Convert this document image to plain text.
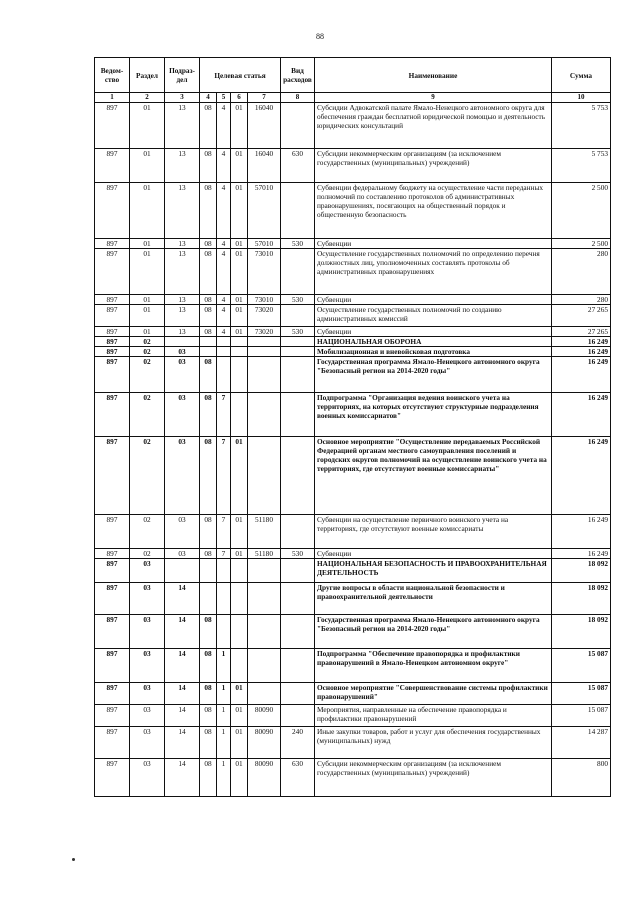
88
Ведом-ство	Раздел	Подраз-дел	Целевая статья				Вид расходов	Наименование	Сумма
1	2	3	4	5	6	7	8	9	10
897	01	13	08	4	01	16040		Субсидии Адвокатской палате Ямало-Ненецкого автономного округа для обеспечения граждан бесплатной юридической помощью и деятельность юридических консультаций	5 753
897	01	13	08	4	01	16040	630	Субсидии некоммерческим организациям (за исключением государственных (муниципальных) учреждений)	5 753
897	01	13	08	4	01	57010		Субвенции федеральному бюджету на осуществление части переданных полномочий по составлению протоколов об административных правонарушениях, посягающих на общественный порядок и общественную безопасность	2 500
897	01	13	08	4	01	57010	530	Субвенции	2 500
897	01	13	08	4	01	73010		Осуществление государственных полномочий по определению перечня должностных лиц, уполномоченных составлять протоколы об административных правонарушениях	280
897	01	13	08	4	01	73010	530	Субвенции	280
897	01	13	08	4	01	73020		Осуществление государственных полномочий по созданию административных комиссий	27 265
897	01	13	08	4	01	73020	530	Субвенции	27 265
897	02							НАЦИОНАЛЬНАЯ ОБОРОНА	16 249
897	02	03						Мобилизационная и вневойсковая подготовка	16 249
897	02	03	08					Государственная программа Ямало-Ненецкого автономного округа "Безопасный регион на 2014-2020 годы"	16 249
897	02	03	08	7				Подпрограмма "Организация ведения воинского учета на территориях, на которых отсутствуют структурные подразделения военных комиссариатов"	16 249
897	02	03	08	7	01			Основное мероприятие "Осуществление передаваемых Российской Федерацией органам местного самоуправления поселений и городских округов полномочий на осуществление воинского учета на территориях, где отсутствуют военные комиссариаты"	16 249
897	02	03	08	7	01	51180		Субвенции на осуществление первичного воинского учета на территориях, где отсутствуют военные комиссариаты	16 249
897	02	03	08	7	01	51180	530	Субвенции	16 249
897	03							НАЦИОНАЛЬНАЯ БЕЗОПАСНОСТЬ И ПРАВООХРАНИТЕЛЬНАЯ ДЕЯТЕЛЬНОСТЬ	18 092
897	03	14						Другие вопросы в области национальной безопасности и правоохранительной деятельности	18 092
897	03	14	08					Государственная программа Ямало-Ненецкого автономного округа "Безопасный регион на 2014-2020 годы"	18 092
897	03	14	08	1				Подпрограмма "Обеспечение правопорядка и профилактики правонарушений в Ямало-Ненецком автономном округе"	15 087
897	03	14	08	1	01			Основное мероприятие "Совершенствование системы профилактики правонарушений"	15 087
897	03	14	08	1	01	80090		Мероприятия, направленные на обеспечение правопорядка и профилактики правонарушений	15 087
897	03	14	08	1	01	80090	240	Иные закупки товаров, работ и услуг для обеспечения государственных (муниципальных) нужд	14 287
897	03	14	08	1	01	80090	630	Субсидии некоммерческим организациям (за исключением государственных (муниципальных) учреждений)	800
